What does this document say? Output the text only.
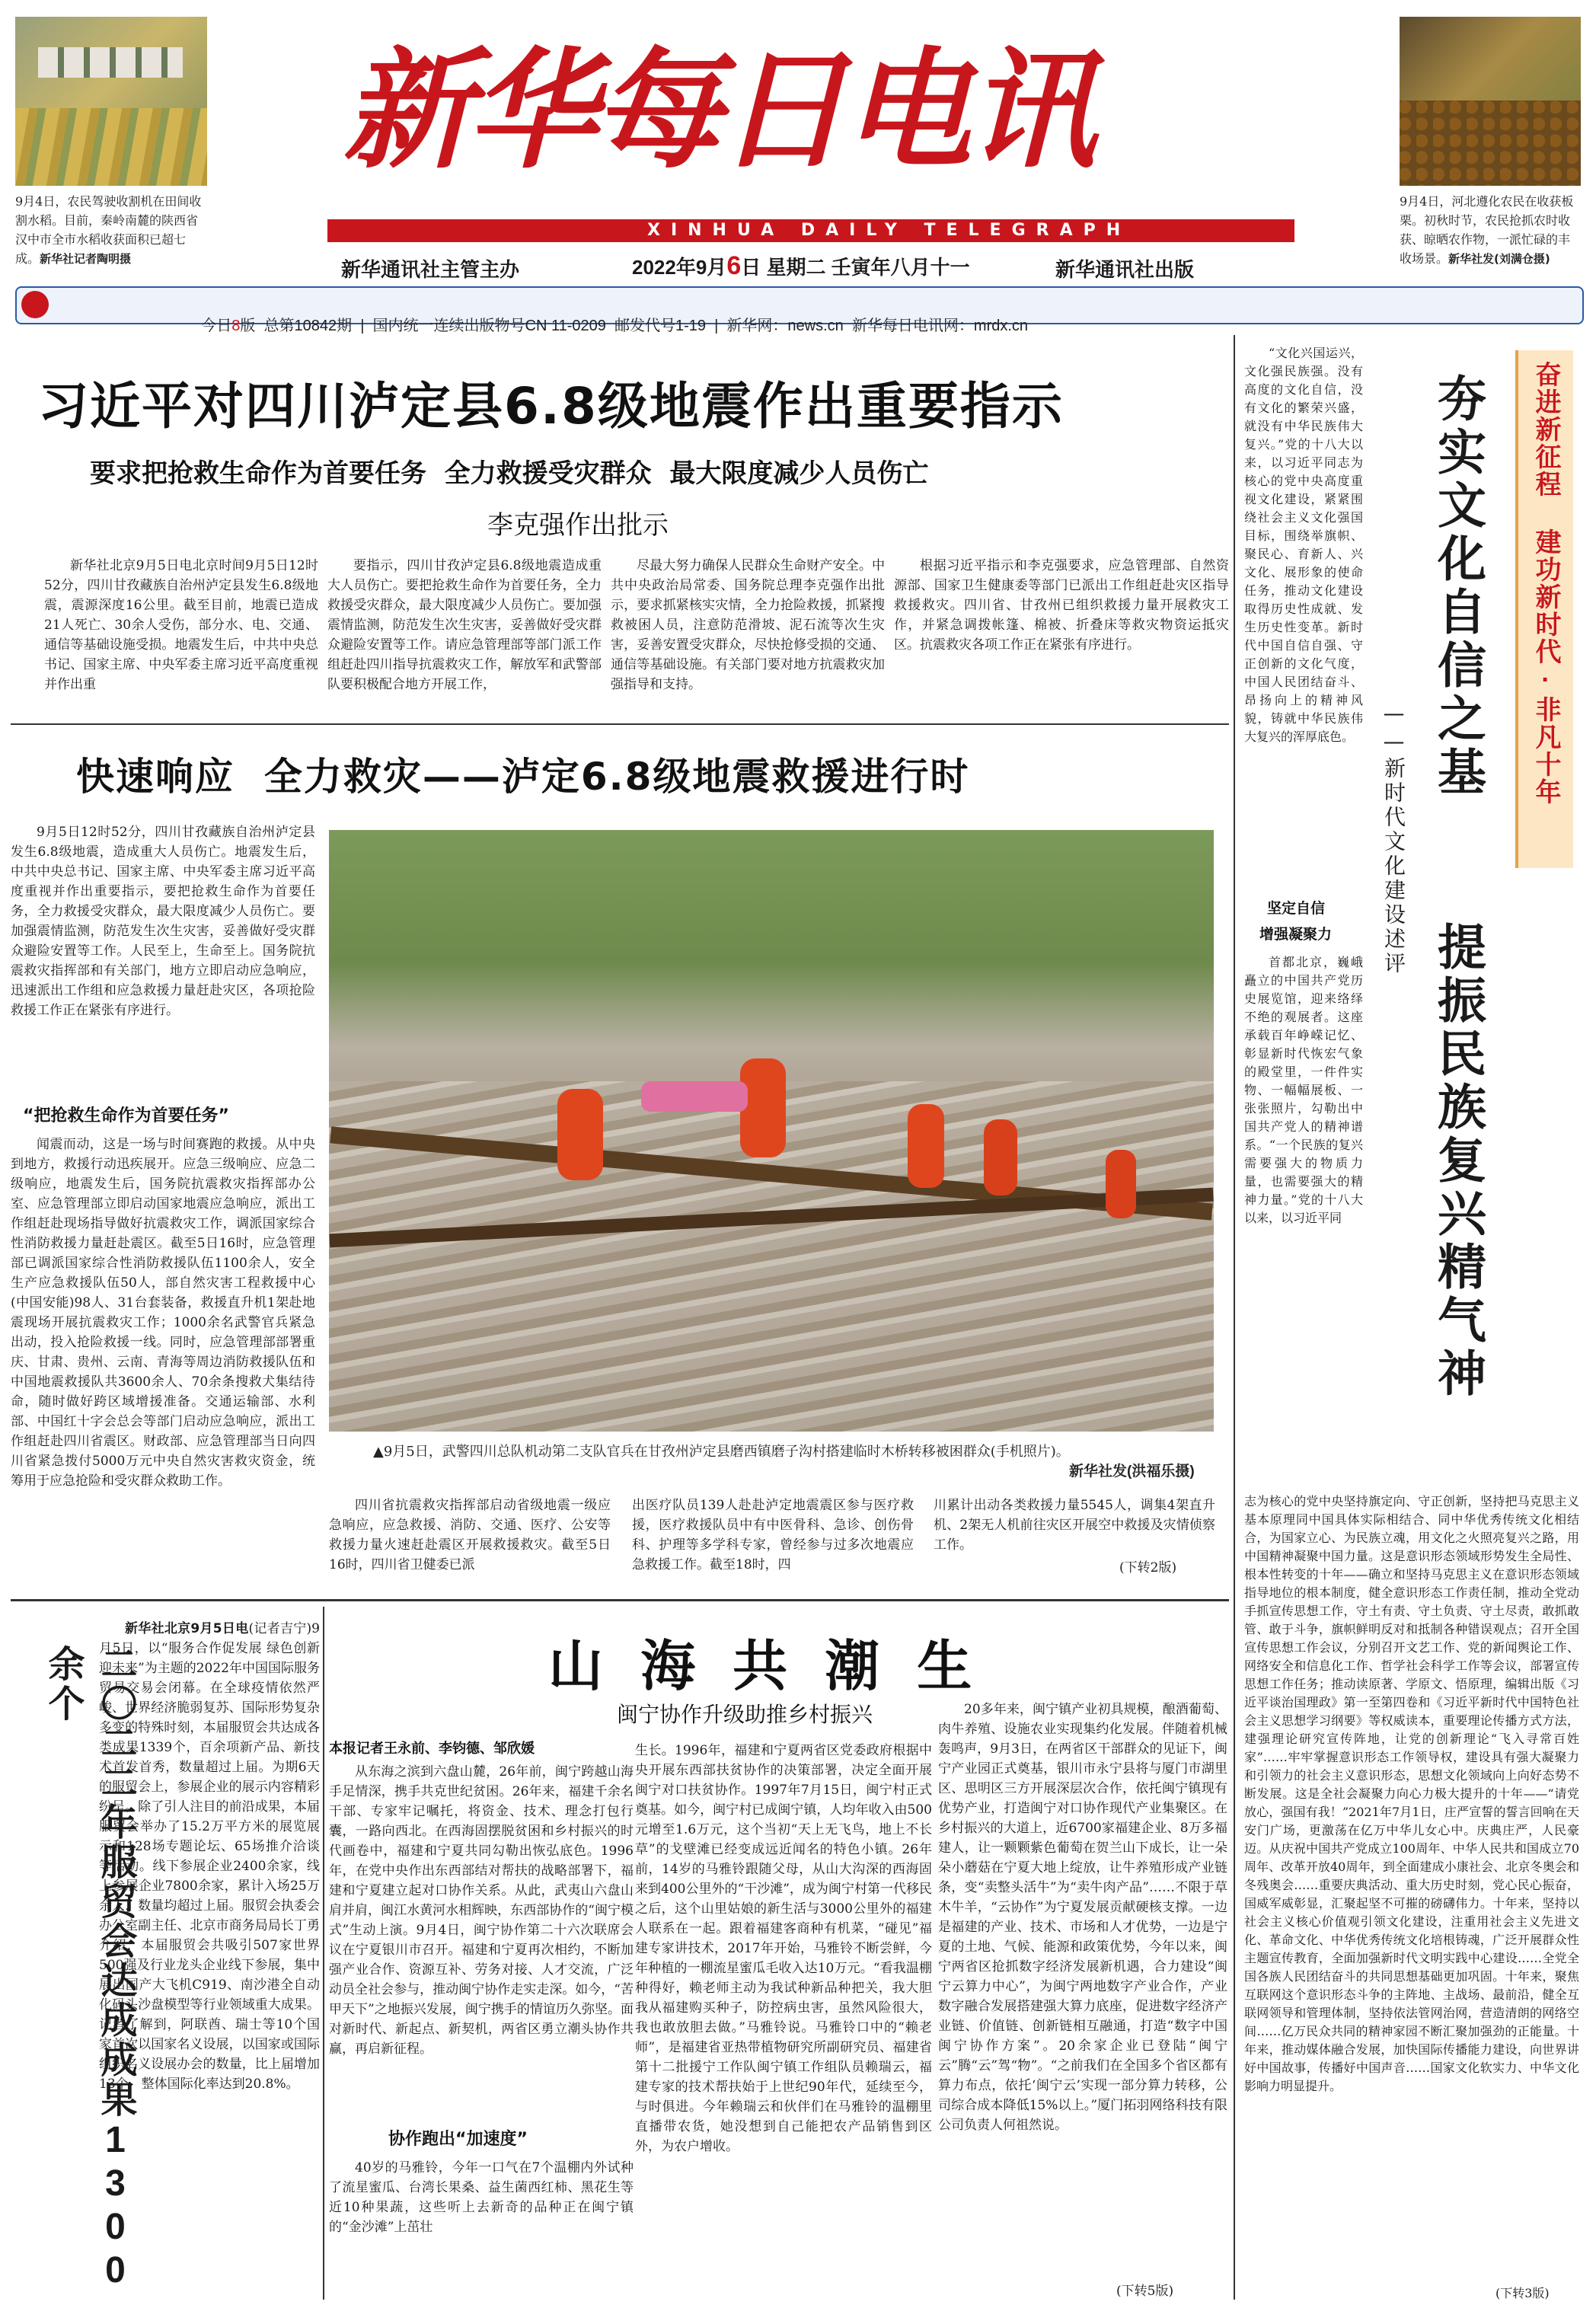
9月4日，农民驾驶收割机在田间收割水稻。目前，秦岭南麓的陕西省汉中市全市水稻收获面积已超七成。新华社记者陶明摄
9月4日，河北遵化农民在收获板栗。初秋时节，农民抢抓农时收获、晾晒农作物，一派忙碌的丰收场景。新华社发(刘满仓摄)
新华每日电讯
XINHUA DAILY TELEGRAPH
新华通讯社主管主办	2022年9月6日 星期二 壬寅年八月十一	新华通讯社出版

今日8版  总第10842期  |  国内统一连续出版物号CN 11-0209  邮发代号1-19  |  新华网：news.cn  新华每日电讯网：mrdx.cn

习近平对四川泸定县6.8级地震作出重要指示
要求把抢救生命作为首要任务  全力救援受灾群众  最大限度减少人员伤亡
李克强作出批示

新华社北京9月5日电北京时间9月5日12时52分，四川甘孜藏族自治州泸定县发生6.8级地震，震源深度16公里。截至目前，地震已造成21人死亡、30余人受伤，部分水、电、交通、通信等基础设施受损。地震发生后，中共中央总书记、国家主席、中央军委主席习近平高度重视并作出重

要指示，四川甘孜泸定县6.8级地震造成重大人员伤亡。要把抢救生命作为首要任务，全力救援受灾群众，最大限度减少人员伤亡。要加强震情监测，防范发生次生灾害，妥善做好受灾群众避险安置等工作。请应急管理部等部门派工作组赶赴四川指导抗震救灾工作，解放军和武警部队要积极配合地方开展工作，

尽最大努力确保人民群众生命财产安全。中共中央政治局常委、国务院总理李克强作出批示，要求抓紧核实灾情，全力抢险救援，抓紧搜救被困人员，注意防范滑坡、泥石流等次生灾害，妥善安置受灾群众，尽快抢修受损的交通、通信等基础设施。有关部门要对地方抗震救灾加强指导和支持。

根据习近平指示和李克强要求，应急管理部、自然资源部、国家卫生健康委等部门已派出工作组赶赴灾区指导救援救灾。四川省、甘孜州已组织救援力量开展救灾工作，并紧急调拨帐篷、棉被、折叠床等救灾物资运抵灾区。抗震救灾各项工作正在紧张有序进行。

快速响应  全力救灾——泸定6.8级地震救援进行时

9月5日12时52分，四川甘孜藏族自治州泸定县发生6.8级地震，造成重大人员伤亡。地震发生后，中共中央总书记、国家主席、中央军委主席习近平高度重视并作出重要指示，要把抢救生命作为首要任务，全力救援受灾群众，最大限度减少人员伤亡。要加强震情监测，防范发生次生灾害，妥善做好受灾群众避险安置等工作。人民至上，生命至上。国务院抗震救灾指挥部和有关部门，地方立即启动应急响应，迅速派出工作组和应急救援力量赶赴灾区，各项抢险救援工作正在紧张有序进行。

“把抢救生命作为首要任务”

闻震而动，这是一场与时间赛跑的救援。从中央到地方，救援行动迅疾展开。应急三级响应、应急二级响应，地震发生后，国务院抗震救灾指挥部办公室、应急管理部立即启动国家地震应急响应，派出工作组赶赴现场指导做好抗震救灾工作，调派国家综合性消防救援力量赶赴震区。截至5日16时，应急管理部已调派国家综合性消防救援队伍1100余人，安全生产应急救援队伍50人，部自然灾害工程救援中心(中国安能)98人、31台套装备，救援直升机1架赴地震现场开展抗震救灾工作；1000余名武警官兵紧急出动，投入抢险救援一线。同时，应急管理部部署重庆、甘肃、贵州、云南、青海等周边消防救援队伍和中国地震救援队共3600余人、70余条搜救犬集结待命，随时做好跨区域增援准备。交通运输部、水利部、中国红十字会总会等部门启动应急响应，派出工作组赶赴四川省震区。财政部、应急管理部当日向四川省紧急拨付5000万元中央自然灾害救灾资金，统筹用于应急抢险和受灾群众救助工作。

▲9月5日，武警四川总队机动第二支队官兵在甘孜州泸定县磨西镇磨子沟村搭建临时木桥转移被困群众(手机照片)。
新华社发(洪福乐摄)

四川省抗震救灾指挥部启动省级地震一级应急响应，应急救援、消防、交通、医疗、公安等救援力量火速赶赴震区开展救援救灾。截至5日16时，四川省卫健委已派

出医疗队员139人赴赴泸定地震震区参与医疗救援，医疗救援队员中有中医骨科、急诊、创伤骨科、护理等多学科专家，曾经参与过多次地震应急救援工作。截至18时，四

川累计出动各类救援力量5545人，调集4架直升机、2架无人机前往灾区开展空中救援及灾情侦察工作。

(下转2版)
二〇二二年服贸会达成成果1300余个

新华社北京9月5日电(记者吉宁)9月5日，以“服务合作促发展 绿色创新迎未来”为主题的2022年中国国际服务贸易交易会闭幕。在全球疫情依然严峻、世界经济脆弱复苏、国际形势复杂多变的特殊时刻，本届服贸会共达成各类成果1339个，百余项新产品、新技术首发首秀，数量超过上届。为期6天的服贸会上，参展企业的展示内容精彩纷呈。除了引人注目的前沿成果，本届服贸会举办了15.2万平方米的展览展示和128场专题论坛、65场推介洽谈等活动。线下参展企业2400余家，线上参展企业7800余家，累计入场25万余人，数量均超过上届。服贸会执委会办公室副主任、北京市商务局局长丁勇介绍，本届服贸会共吸引507家世界500强及行业龙头企业线下参展，集中展出国产大飞机C919、南沙港全自动化码头沙盘模型等行业领域重大成果。记者了解到，阿联酋、瑞士等10个国家首次以国家名义设展，以国家或国际组织名义设展办会的数量，比上届增加13个，整体国际化率达到20.8%。

山 海 共 潮 生
闽宁协作升级助推乡村振兴
本报记者王永前、李钧德、邹欣媛

从东海之滨到六盘山麓，26年前，闽宁跨越山海手足情深，携手共克世纪贫困。26年来，福建千余名干部、专家牢记嘱托，将资金、技术、理念打包行囊，一路向西北。在西海固摆脱贫困和乡村振兴的时代画卷中，福建和宁夏共同勾勒出恢弘底色。1996年，在党中央作出东西部结对帮扶的战略部署下，福建和宁夏建立起对口协作关系。从此，武夷山六盘山肩并肩，闽江水黄河水相辉映，东西部协作的“闽宁模式”生动上演。9月4日，闽宁协作第二十六次联席会议在宁夏银川市召开。福建和宁夏再次相约，不断加强产业合作、资源互补、劳务对接、人才交流，广泛动员全社会参与，推动闽宁协作走实走深。如今，“苦甲天下”之地振兴发展，闽宁携手的情谊历久弥坚。面对新时代、新起点、新契机，两省区勇立潮头协作共赢，再启新征程。

协作跑出“加速度”

40岁的马雅铃，今年一口气在7个温棚内外试种了流星蜜瓜、台湾长果桑、益生菌西红柿、黑花生等近10种果蔬，这些听上去新奇的品种正在闽宁镇的“金沙滩”上茁壮

生长。1996年，福建和宁夏两省区党委政府根据中央开展东西部扶贫协作的决策部署，决定全面开展闽宁对口扶贫协作。1997年7月15日，闽宁村正式奠基。如今，闽宁村已成闽宁镇，人均年收入由500元增至1.6万元，这个当初“天上无飞鸟，地上不长草”的戈壁滩已经变成远近闻名的特色小镇。26年前，14岁的马雅铃跟随父母，从山大沟深的西海固来到400公里外的“干沙滩”，成为闽宁村第一代移民之后，这个山里姑娘的新生活与3000公里外的福建人联系在一起。跟着福建客商种有机菜，“碰见”福建专家讲技术，2017年开始，马雅铃不断尝鲜，今年种植的一棚流星蜜瓜毛收入达10万元。“看我温棚种得好，赖老师主动为我试种新品种把关，我大胆我从福建购买种子，防控病虫害，虽然风险很大，我也敢放胆去做。”马雅铃说。马雅铃口中的“赖老师”，是福建省亚热带植物研究所副研究员、福建省第十二批援宁工作队闽宁镇工作组队员赖瑞云，福建专家的技术帮扶始于上世纪90年代，延续至今，与时俱进。今年赖瑞云和伙伴们在马雅铃的温棚里直播带农货，她没想到自己能把农产品销售到区外，为农户增收。

20多年来，闽宁镇产业初具规模，酿酒葡萄、肉牛养殖、设施农业实现集约化发展。伴随着机械轰鸣声，9月3日，在两省区干部群众的见证下，闽宁产业园正式奠基，银川市永宁县将与厦门市湖里区、思明区三方开展深层次合作，依托闽宁镇现有优势产业，打造闽宁对口协作现代产业集聚区。在乡村振兴的大道上，近6700家福建企业、8万多福建人，让一颗颗紫色葡萄在贺兰山下成长，让一朵朵小蘑菇在宁夏大地上绽放，让牛养殖形成产业链条，变“卖整头活牛”为“卖牛肉产品”……不限于草木牛羊，“云协作”为宁夏发展贡献硬核支撑。一边是福建的产业、技术、市场和人才优势，一边是宁夏的土地、气候、能源和政策优势，今年以来，闽宁两省区抢抓数字经济发展新机遇，合力建设“闽宁云算力中心”，为闽宁两地数字产业合作，产业数字融合发展搭建强大算力底座，促进数字经济产业链、价值链、创新链相互融通，打造“数字中国闽宁协作方案”。20余家企业已登陆“闽宁云”腾“云”驾“物”。“之前我们在全国多个省区都有算力布点，依托‘闽宁云’实现一部分算力转移，公司综合成本降低15%以上。”厦门拓羽网络科技有限公司负责人何祖然说。

(下转5版)
奋进新征程 建功新时代·非凡十年
夯实文化自信之基  提振民族复兴精气神
——新时代文化建设述评

“文化兴国运兴，文化强民族强。没有高度的文化自信，没有文化的繁荣兴盛，就没有中华民族伟大复兴。”党的十八大以来，以习近平同志为核心的党中央高度重视文化建设，紧紧围绕社会主义文化强国目标，围绕举旗帜、聚民心、育新人、兴文化、展形象的使命任务，推动文化建设取得历史性成就、发生历史性变革。新时代中国自信自强、守正创新的文化气度，中国人民团结奋斗、昂扬向上的精神风貌，铸就中华民族伟大复兴的浑厚底色。

坚定自信
增强凝聚力

首都北京，巍峨矗立的中国共产党历史展览馆，迎来络绎不绝的观展者。这座承载百年峥嵘记忆、彰显新时代恢宏气象的殿堂里，一件件实物、一幅幅展板、一张张照片，勾勒出中国共产党人的精神谱系。“一个民族的复兴需要强大的物质力量，也需要强大的精神力量。”党的十八大以来，以习近平同

志为核心的党中央坚持旗定向、守正创新，坚持把马克思主义基本原理同中国具体实际相结合、同中华优秀传统文化相结合，为国家立心、为民族立魂，用文化之火照亮复兴之路，用中国精神凝聚中国力量。这是意识形态领域形势发生全局性、根本性转变的十年——确立和坚持马克思主义在意识形态领域指导地位的根本制度，健全意识形态工作责任制，推动全党动手抓宣传思想工作，守土有责、守土负责、守土尽责，敢抓敢管、敢于斗争，旗帜鲜明反对和抵制各种错误观点；召开全国宣传思想工作会议，分别召开文艺工作、党的新闻舆论工作、网络安全和信息化工作、哲学社会科学工作等会议，部署宣传思想工作任务；推动读原著、学原文、悟原理，编辑出版《习近平谈治国理政》第一至第四卷和《习近平新时代中国特色社会主义思想学习纲要》等权威读本，重要理论传播方式方法，建强理论研究宣传阵地，让党的创新理论“飞入寻常百姓家”……牢牢掌握意识形态工作领导权，建设具有强大凝聚力和引领力的社会主义意识形态，思想文化领域向上向好态势不断发展。这是全社会凝聚力向心力极大提升的十年——“请党放心，强国有我！”2021年7月1日，庄严宣誓的誓言回响在天安门广场，更激荡在亿万中华儿女心中。庆典庄严，人民豪迈。从庆祝中国共产党成立100周年、中华人民共和国成立70周年、改革开放40周年，到全面建成小康社会、北京冬奥会和冬残奥会……重要庆典活动、重大历史时刻，党心民心振奋，国威军威彰显，汇聚起坚不可摧的磅礴伟力。十年来，坚持以社会主义核心价值观引领文化建设，注重用社会主义先进文化、革命文化、中华优秀传统文化培根铸魂，广泛开展群众性主题宣传教育，全面加强新时代文明实践中心建设……全党全国各族人民团结奋斗的共同思想基础更加巩固。十年来，聚焦互联网这个意识形态斗争的主阵地、主战场、最前沿，健全互联网领导和管理体制，坚持依法管网治网，营造清朗的网络空间……亿万民众共同的精神家园不断汇聚加强劲的正能量。十年来，推动媒体融合发展，加快国际传播能力建设，向世界讲好中国故事，传播好中国声音……国家文化软实力、中华文化影响力明显提升。

(下转3版)
